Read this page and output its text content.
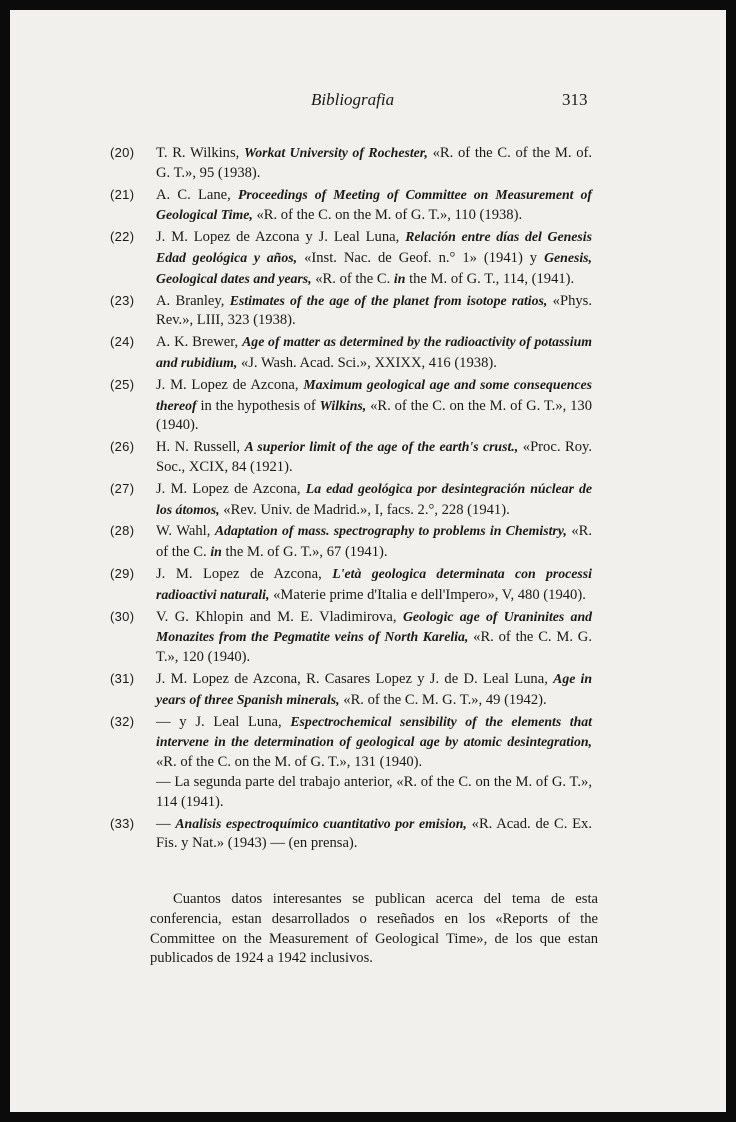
Bibliografia	313
(20)	T. R. Wilkins, Workat University of Rochester, «R. of the C. of the M. of. G. T.», 95 (1938).
(21)	A. C. Lane, Proceedings of Meeting of Committee on Measurement of Geological Time, «R. of the C. on the M. of G. T.», 110 (1938).
(22)	J. M. Lopez de Azcona y J. Leal Luna, Relación entre días del Genesis Edad geológica y años, «Inst. Nac. de Geof. n.° 1» (1941) y Genesis, Geological dates and years, «R. of the C. in the M. of G. T., 114, (1941).
(23)	A. Branley, Estimates of the age of the planet from isotope ratios, «Phys. Rev.», LIII, 323 (1938).
(24)	A. K. Brewer, Age of matter as determined by the radioactivity of potassium and rubidium, «J. Wash. Acad. Sci.», XXIXX, 416 (1938).
(25)	J. M. Lopez de Azcona, Maximum geological age and some consequences thereof in the hypothesis of Wilkins, «R. of the C. on the M. of G. T.», 130 (1940).
(26)	H. N. Russell, A superior limit of the age of the earth's crust., «Proc. Roy. Soc., XCIX, 84 (1921).
(27)	J. M. Lopez de Azcona, La edad geológica por desintegración núclear de los átomos, «Rev. Univ. de Madrid.», I, facs. 2.°, 228 (1941).
(28)	W. Wahl, Adaptation of mass. spectrography to problems in Chemistry, «R. of the C. in the M. of G. T.», 67 (1941).
(29)	J. M. Lopez de Azcona, L'età geologica determinata con processi radioactivi naturali, «Materie prime d'Italia e dell'Impero», V, 480 (1940).
(30)	V. G. Khlopin and M. E. Vladimirova, Geologic age of Uraninites and Monazites from the Pegmatite veins of North Karelia, «R. of the C. M. G. T.», 120 (1940).
(31)	J. M. Lopez de Azcona, R. Casares Lopez y J. de D. Leal Luna, Age in years of three Spanish minerals, «R. of the C. M. G. T.», 49 (1942).
(32)	— y J. Leal Luna, Espectrochemical sensibility of the elements that intervene in the determination of geological age by atomic desintegration, «R. of the C. on the M. of G. T.», 131 (1940).
— La segunda parte del trabajo anterior, «R. of the C. on the M. of G. T.», 114 (1941).
(33)	— Analisis espectroquímico cuantitativo por emision, «R. Acad. de C. Ex. Fis. y Nat.» (1943) — (en prensa).
Cuantos datos interesantes se publican acerca del tema de esta conferencia, estan desarrollados o reseñados en los «Reports of the Committee on the Measurement of Geological Time», de los que estan publicados de 1924 a 1942 inclusivos.
